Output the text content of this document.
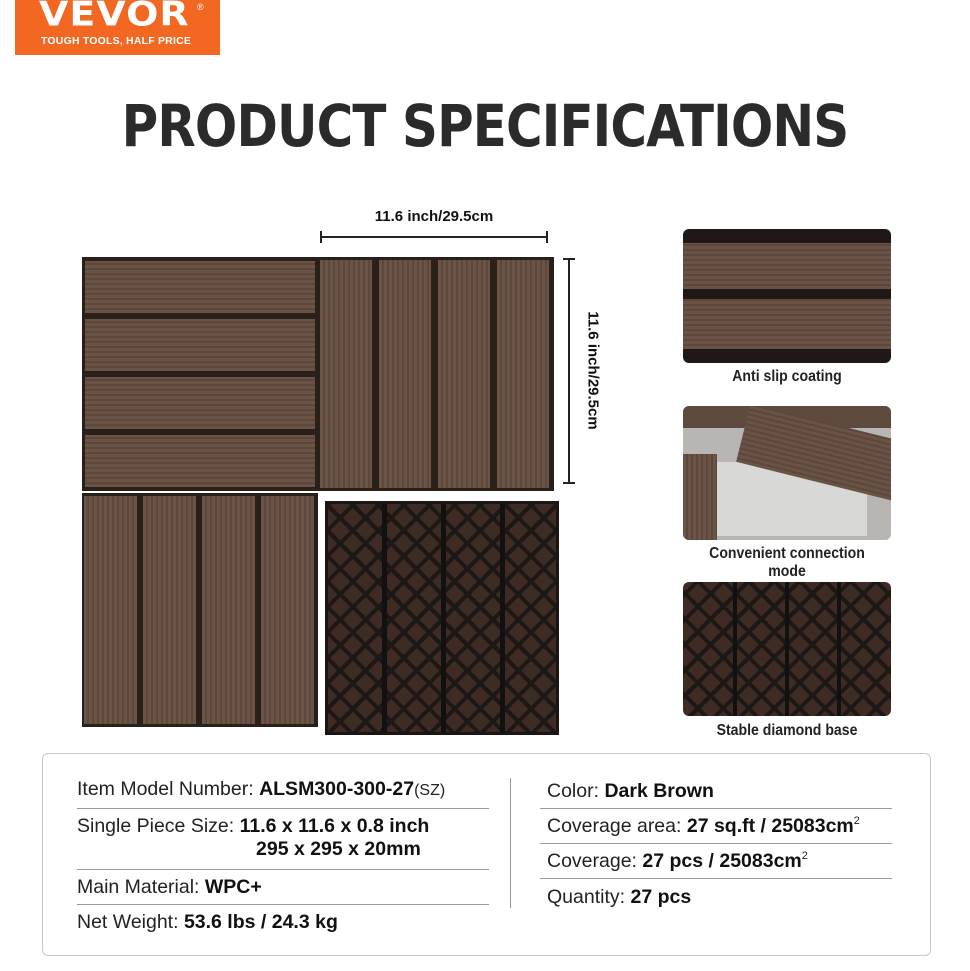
VEVOR ®
TOUGH TOOLS, HALF PRICE
PRODUCT SPECIFICATIONS
11.6 inch/29.5cm
11.6 inch/29.5cm	Anti slip coating
Convenient connection mode
Stable diamond base
Item Model Number: ALSM300-300-27(SZ)
Single Piece Size: 11.6 x 11.6 x 0.8 inch
295 x 295 x 20mm
Main Material: WPC+
Net Weight: 53.6 lbs / 24.3 kg
Color: Dark Brown
Coverage area: 27 $sq.ft / 25083cm^2$
Coverage: 27 pcs / $25083cm^2$
Quantity: 27 pcs
